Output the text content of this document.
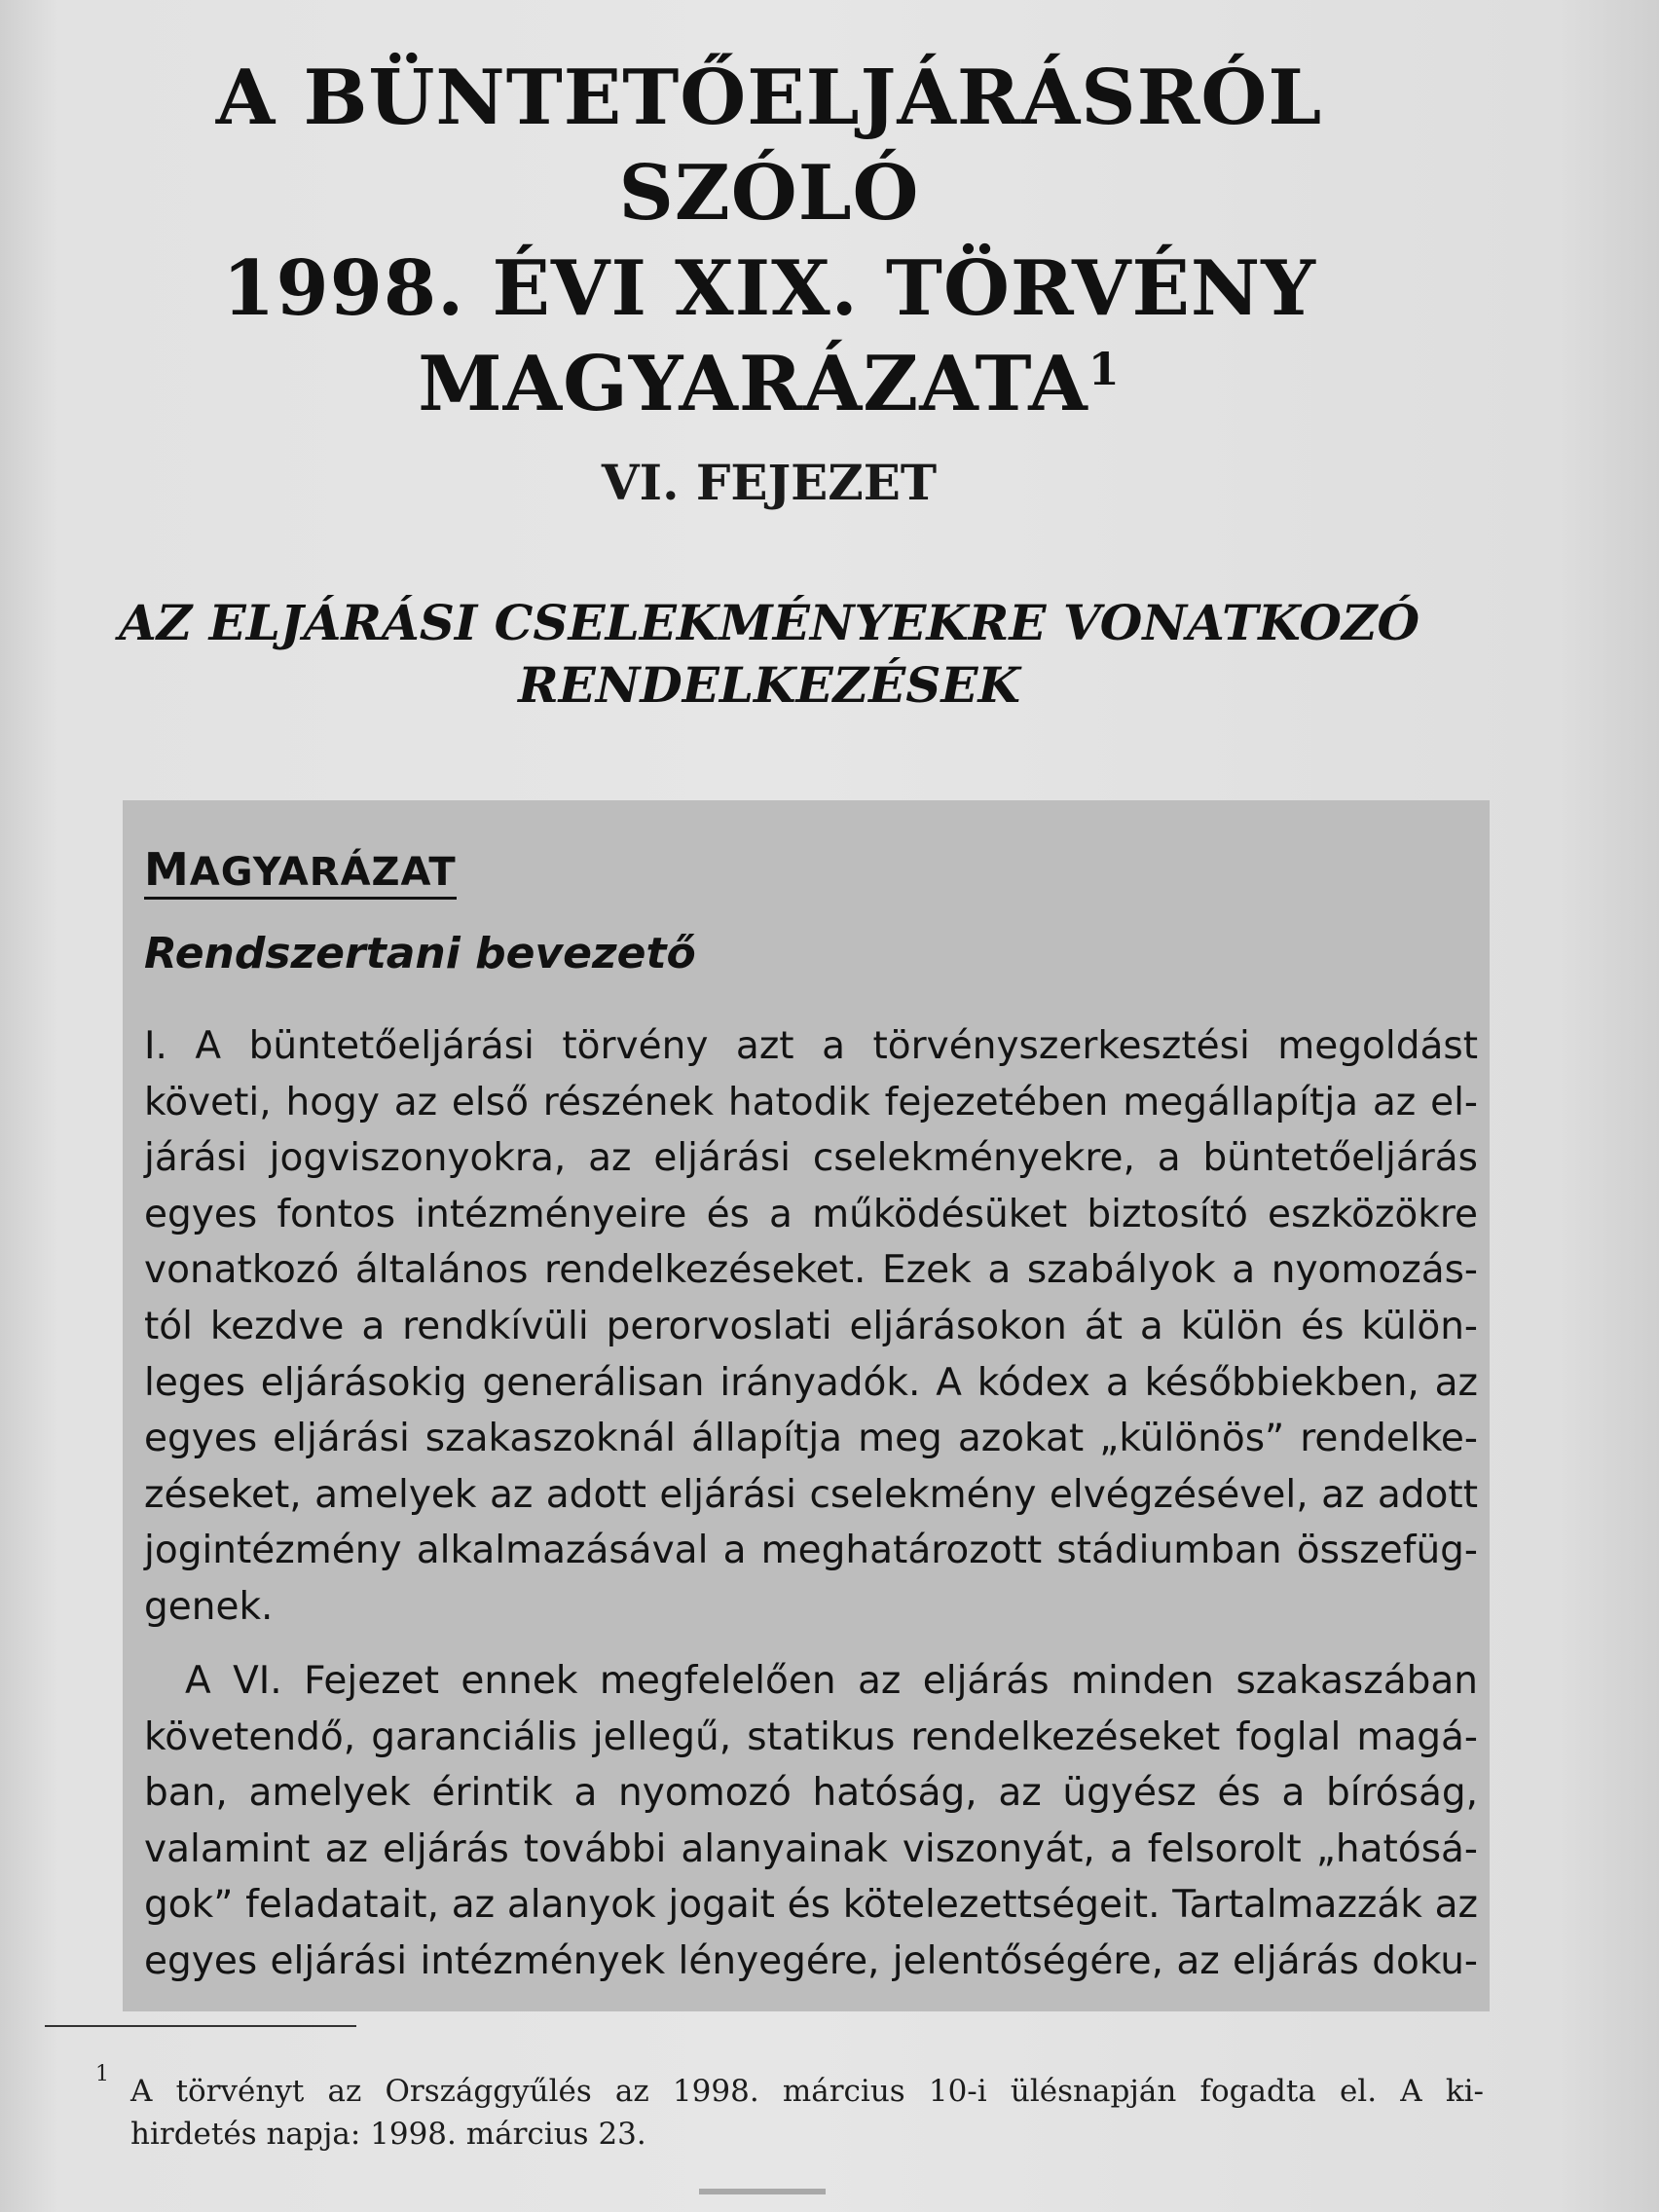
A BÜNTETŐELJÁRÁSRÓL SZÓLÓ
1998. ÉVI XIX. TÖRVÉNY
MAGYARÁZATA$^1$
VI. FEJEZET
AZ ELJÁRÁSI CSELEKMÉNYEKRE VONATKOZÓ
RENDELKEZÉSEK
MAGYARÁZAT
Rendszertani bevezető

I. A büntetőeljárási törvény azt a törvényszerkesztési megoldást
követi, hogy az első részének hatodik fejezetében megállapítja az el-
járási jogviszonyokra, az eljárási cselekményekre, a büntetőeljárás
egyes fontos intézményeire és a működésüket biztosító eszközökre
vonatkozó általános rendelkezéseket. Ezek a szabályok a nyomozás-
tól kezdve a rendkívüli perorvoslati eljárásokon át a külön és külön-
leges eljárásokig generálisan irányadók. A kódex a későbbiekben, az
egyes eljárási szakaszoknál állapítja meg azokat „különös” rendelke-
zéseket, amelyek az adott eljárási cselekmény elvégzésével, az adott
jogintézmény alkalmazásával a meghatározott stádiumban összefüg-
genek.

A VI. Fejezet ennek megfelelően az eljárás minden szakaszában
követendő, garanciális jellegű, statikus rendelkezéseket foglal magá-
ban, amelyek érintik a nyomozó hatóság, az ügyész és a bíróság,
valamint az eljárás további alanyainak viszonyát, a felsorolt „hatósá-
gok” feladatait, az alanyok jogait és kötelezettségeit. Tartalmazzák az
egyes eljárási intézmények lényegére, jelentőségére, az eljárás doku-

1 A törvényt az Országgyűlés az 1998. március 10-i ülésnapján fogadta el. A ki-
hirdetés napja: 1998. március 23.
